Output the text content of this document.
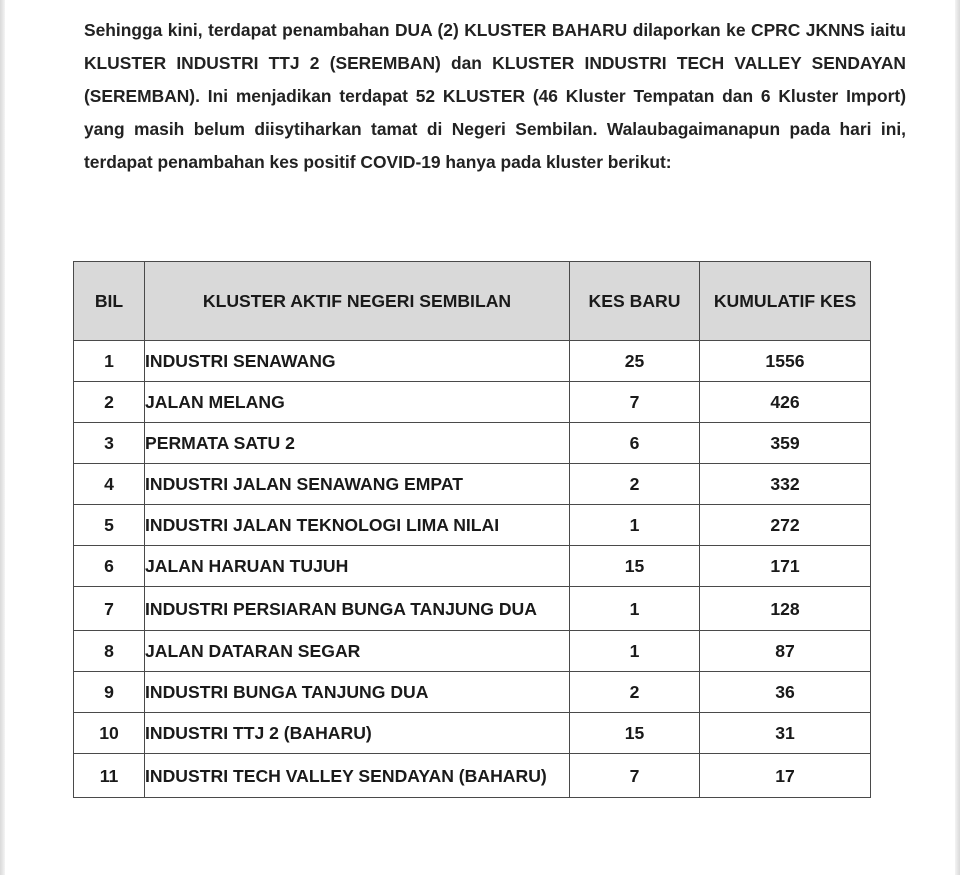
Sehingga kini, terdapat penambahan DUA (2) KLUSTER BAHARU dilaporkan ke CPRC JKNNS iaitu KLUSTER INDUSTRI TTJ 2 (SEREMBAN) dan KLUSTER INDUSTRI TECH VALLEY SENDAYAN (SEREMBAN). Ini menjadikan terdapat 52 KLUSTER (46 Kluster Tempatan dan 6 Kluster Import) yang masih belum diisytiharkan tamat di Negeri Sembilan. Walaubagaimanapun pada hari ini, terdapat penambahan kes positif COVID-19 hanya pada kluster berikut:

BIL	KLUSTER AKTIF NEGERI SEMBILAN	KES BARU	KUMULATIF KES
1	INDUSTRI SENAWANG	25	1556
2	JALAN MELANG	7	426
3	PERMATA SATU 2	6	359
4	INDUSTRI JALAN SENAWANG EMPAT	2	332
5	INDUSTRI JALAN TEKNOLOGI LIMA NILAI	1	272
6	JALAN HARUAN TUJUH	15	171
7	INDUSTRI PERSIARAN BUNGA TANJUNG DUA	1	128
8	JALAN DATARAN SEGAR	1	87
9	INDUSTRI BUNGA TANJUNG DUA	2	36
10	INDUSTRI TTJ 2 (BAHARU)	15	31
11	INDUSTRI TECH VALLEY SENDAYAN (BAHARU)	7	17
